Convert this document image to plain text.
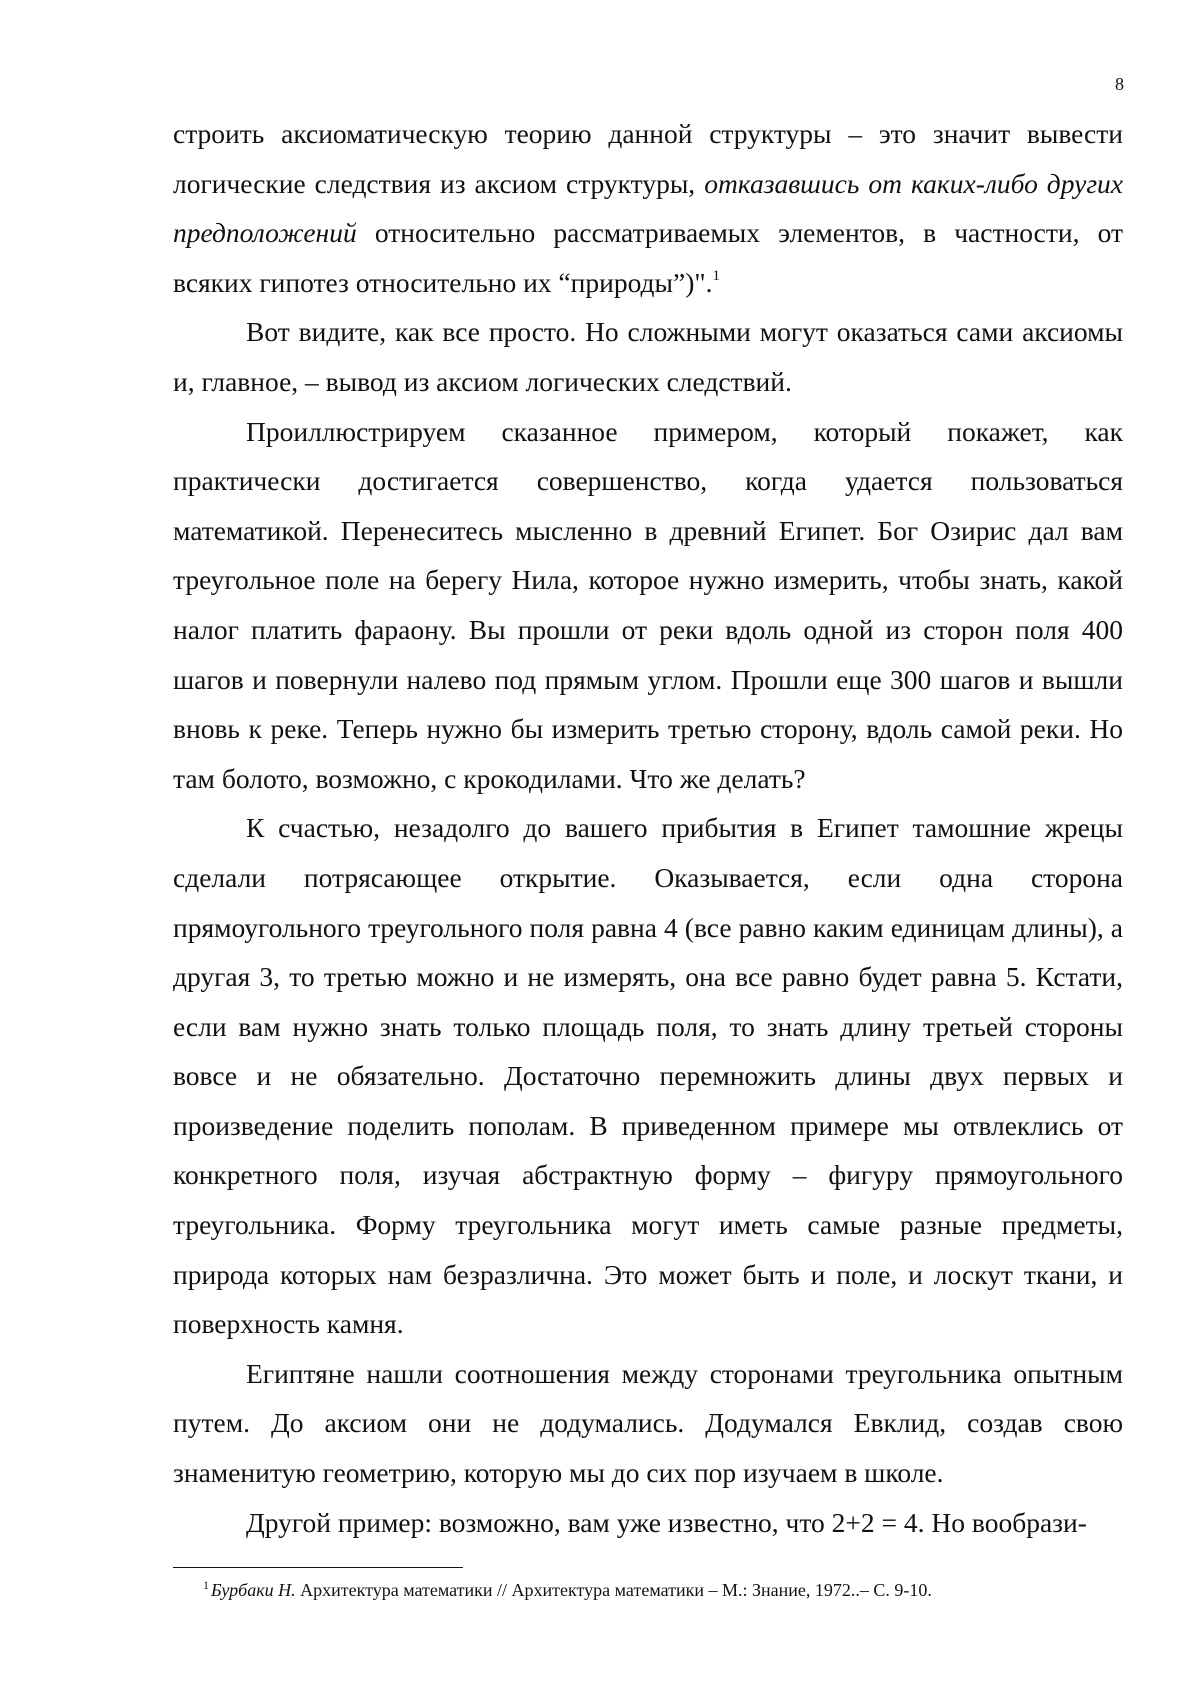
8

строить аксиоматическую теорию данной структуры – это значит вывести логические следствия из аксиом структуры, отказавшись от каких-либо других предположений относительно рассматриваемых элементов, в частности, от всяких гипотез относительно их “природы”)".$^1$

Вот видите, как все просто. Но сложными могут оказаться сами аксиомы и, главное, – вывод из аксиом логических следствий.

Проиллюстрируем сказанное примером, который покажет, как практически достигается совершенство, когда удается пользоваться математикой. Перенеситесь мысленно в древний Египет. Бог Озирис дал вам треугольное поле на берегу Нила, которое нужно измерить, чтобы знать, какой налог платить фараону. Вы прошли от реки вдоль одной из сторон поля 400 шагов и повернули налево под прямым углом. Прошли еще 300 шагов и вышли вновь к реке. Теперь нужно бы измерить третью сторону, вдоль самой реки. Но там болото, возможно, с крокодилами. Что же делать?

К счастью, незадолго до вашего прибытия в Египет тамошние жрецы сделали потрясающее открытие. Оказывается, если одна сторона прямоугольного треугольного поля равна 4 (все равно каким единицам длины), а другая 3, то третью можно и не измерять, она все равно будет равна 5. Кстати, если вам нужно знать только площадь поля, то знать длину третьей стороны вовсе и не обязательно. Достаточно перемножить длины двух первых и произведение поделить пополам. В приведенном примере мы отвлеклись от конкретного поля, изучая абстрактную форму – фигуру прямоугольного треугольника. Форму треугольника могут иметь самые разные предметы, природа которых нам безразлична. Это может быть и поле, и лоскут ткани, и поверхность камня.

Египтяне нашли соотношения между сторонами треугольника опытным путем. До аксиом они не додумались. Додумался Евклид, создав свою знаменитую геометрию, которую мы до сих пор изучаем в школе.

Другой пример: возможно, вам уже известно, что 2+2 = 4. Но вообрази-

$^1$ Бурбаки Н. Архитектура математики // Архитектура математики – М.: Знание, 1972..– С. 9-10.
